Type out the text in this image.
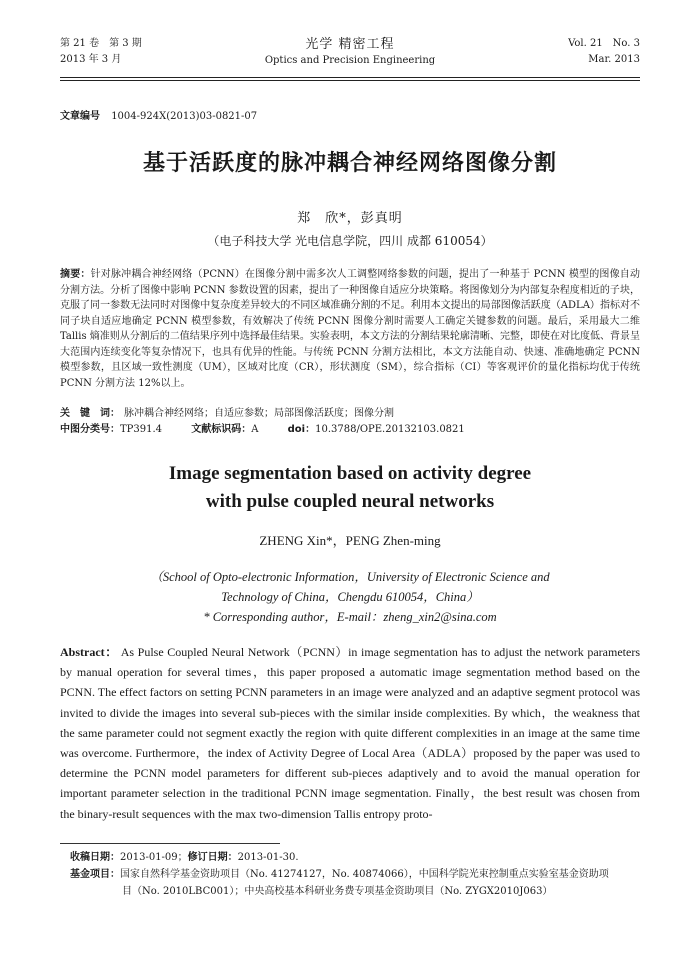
第 21 卷　第 3 期
2013 年 3 月
光学 精密工程
Optics and Precision Engineering
Vol. 21　No. 3
Mar. 2013
文章编号 1004-924X(2013)03-0821-07
基于活跃度的脉冲耦合神经网络图像分割
郑　欣*，彭真明
（电子科技大学 光电信息学院，四川 成都 610054）
摘要：针对脉冲耦合神经网络（PCNN）在图像分割中需多次人工调整网络参数的问题，提出了一种基于 PCNN 模型的图像自动分割方法。分析了图像中影响 PCNN 参数设置的因素，提出了一种图像自适应分块策略。将图像划分为内部复杂程度相近的子块，克服了同一参数无法同时对图像中复杂度差异较大的不同区域准确分割的不足。利用本文提出的局部图像活跃度（ADLA）指标对不同子块自适应地确定 PCNN 模型参数，有效解决了传统 PCNN 图像分割时需要人工确定关键参数的问题。最后，采用最大二维 Tallis 熵准则从分割后的二值结果序列中选择最佳结果。实验表明，本文方法的分割结果轮廓清晰、完整，即使在对比度低、背景呈大范围内连续变化等复杂情况下，也具有优异的性能。与传统 PCNN 分割方法相比，本文方法能自动、快速、准确地确定 PCNN 模型参数，且区域一致性测度（UM），区域对比度（CR），形状测度（SM），综合指标（CI）等客观评价的量化指标均优于传统 PCNN 分割方法 12%以上。
关　键　词： 脉冲耦合神经网络；自适应参数；局部图像活跃度；图像分割
中图分类号：TP391.4	文献标识码：A	doi：10.3788/OPE.20132103.0821
Image segmentation based on activity degree
with pulse coupled neural networks
ZHENG Xin*，PENG Zhen-ming
（School of Opto-electronic Information，University of Electronic Science and
Technology of China，Chengdu 610054，China）
* Corresponding author，E-mail：zheng_xin2@sina.com
Abstract： As Pulse Coupled Neural Network（PCNN）in image segmentation has to adjust the network parameters by manual operation for several times，this paper proposed a automatic image segmentation method based on the PCNN. The effect factors on setting PCNN parameters in an image were analyzed and an adaptive segment protocol was invited to divide the images into several sub-pieces with the similar inside complexities. By which，the weakness that the same parameter could not segment exactly the region with quite different complexities in an image at the same time was overcome. Furthermore，the index of Activity Degree of Local Area（ADLA）proposed by the paper was used to determine the PCNN model parameters for different sub-pieces adaptively and to avoid the manual operation for important parameter selection in the traditional PCNN image segmentation. Finally，the best result was chosen from the binary-result sequences with the max two-dimension Tallis entropy proto-
收稿日期：2013-01-09；修订日期：2013-01-30.
基金项目：国家自然科学基金资助项目（No. 41274127，No. 40874066），中国科学院光束控制重点实验室基金资助项
目（No. 2010LBC001）；中央高校基本科研业务费专项基金资助项目（No. ZYGX2010J063）
